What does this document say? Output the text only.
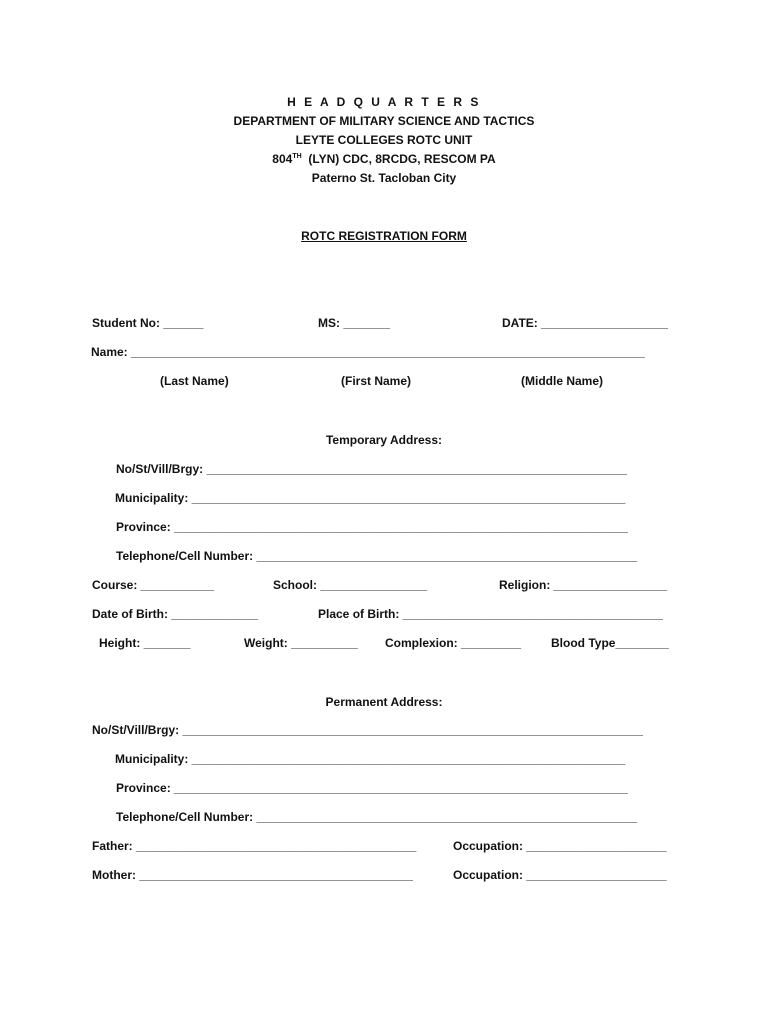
H E A D Q U A R T E R S
DEPARTMENT OF MILITARY SCIENCE AND TACTICS
LEYTE COLLEGES ROTC UNIT
804TH  (LYN) CDC, 8RCDG, RESCOM PA
Paterno St. Tacloban City
ROTC REGISTRATION FORM
Student No: ______	MS: _______	DATE: ___________________
Name: _____________________________________________________________________________
(Last Name)	(First Name)	(Middle Name)
Temporary Address:
No/St/Vill/Brgy: _______________________________________________________________
Municipality: _________________________________________________________________
Province: ____________________________________________________________________
Telephone/Cell Number: _________________________________________________________
Course: ___________	School: ________________	Religion: _________________
Date of Birth: _____________	Place of Birth: _______________________________________
Height: _______	Weight: __________ Complexion: _________ Blood Type________
Permanent Address:
No/St/Vill/Brgy: _____________________________________________________________________
Municipality: _________________________________________________________________
Province: ____________________________________________________________________
Telephone/Cell Number: _________________________________________________________
Father: __________________________________________	Occupation: _____________________
Mother: _________________________________________	Occupation: _____________________
